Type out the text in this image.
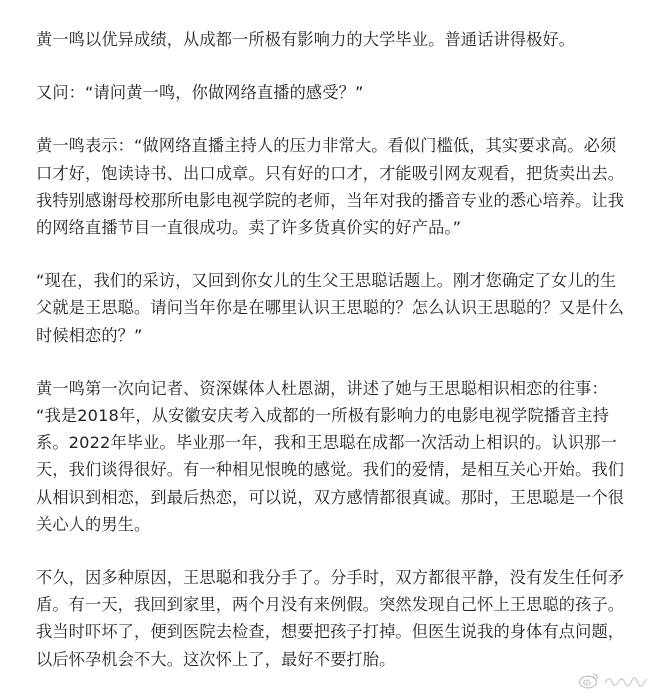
黄一鸣以优异成绩，从成都一所极有影响力的大学毕业。普通话讲得极好。

又问：“请问黄一鸣，你做网络直播的感受？”

黄一鸣表示：“做网络直播主持人的压力非常大。看似门槛低，其实要求高。必须
口才好，饱读诗书、出口成章。只有好的口才，才能吸引网友观看，把货卖出去。
我特别感谢母校那所电影电视学院的老师，当年对我的播音专业的悉心培养。让我
的网络直播节目一直很成功。卖了许多货真价实的好产品。”

“现在，我们的采访，又回到你女儿的生父王思聪话题上。刚才您确定了女儿的生
父就是王思聪。请问当年你是在哪里认识王思聪的？怎么认识王思聪的？又是什么
时候相恋的？”

黄一鸣第一次向记者、资深媒体人杜恩湖，讲述了她与王思聪相识相恋的往事：
“我是2018年，从安徽安庆考入成都的一所极有影响力的电影电视学院播音主持
系。2022年毕业。毕业那一年，我和王思聪在成都一次活动上相识的。认识那一
天，我们谈得很好。有一种相见恨晚的感觉。我们的爱情，是相互关心开始。我们
从相识到相恋，到最后热恋，可以说，双方感情都很真诚。那时，王思聪是一个很
关心人的男生。

不久，因多种原因，王思聪和我分手了。分手时，双方都很平静，没有发生任何矛
盾。有一天，我回到家里，两个月没有来例假。突然发现自己怀上王思聪的孩子。
我当时吓坏了，便到医院去检查，想要把孩子打掉。但医生说我的身体有点问题，
以后怀孕机会不大。这次怀上了，最好不要打胎。
